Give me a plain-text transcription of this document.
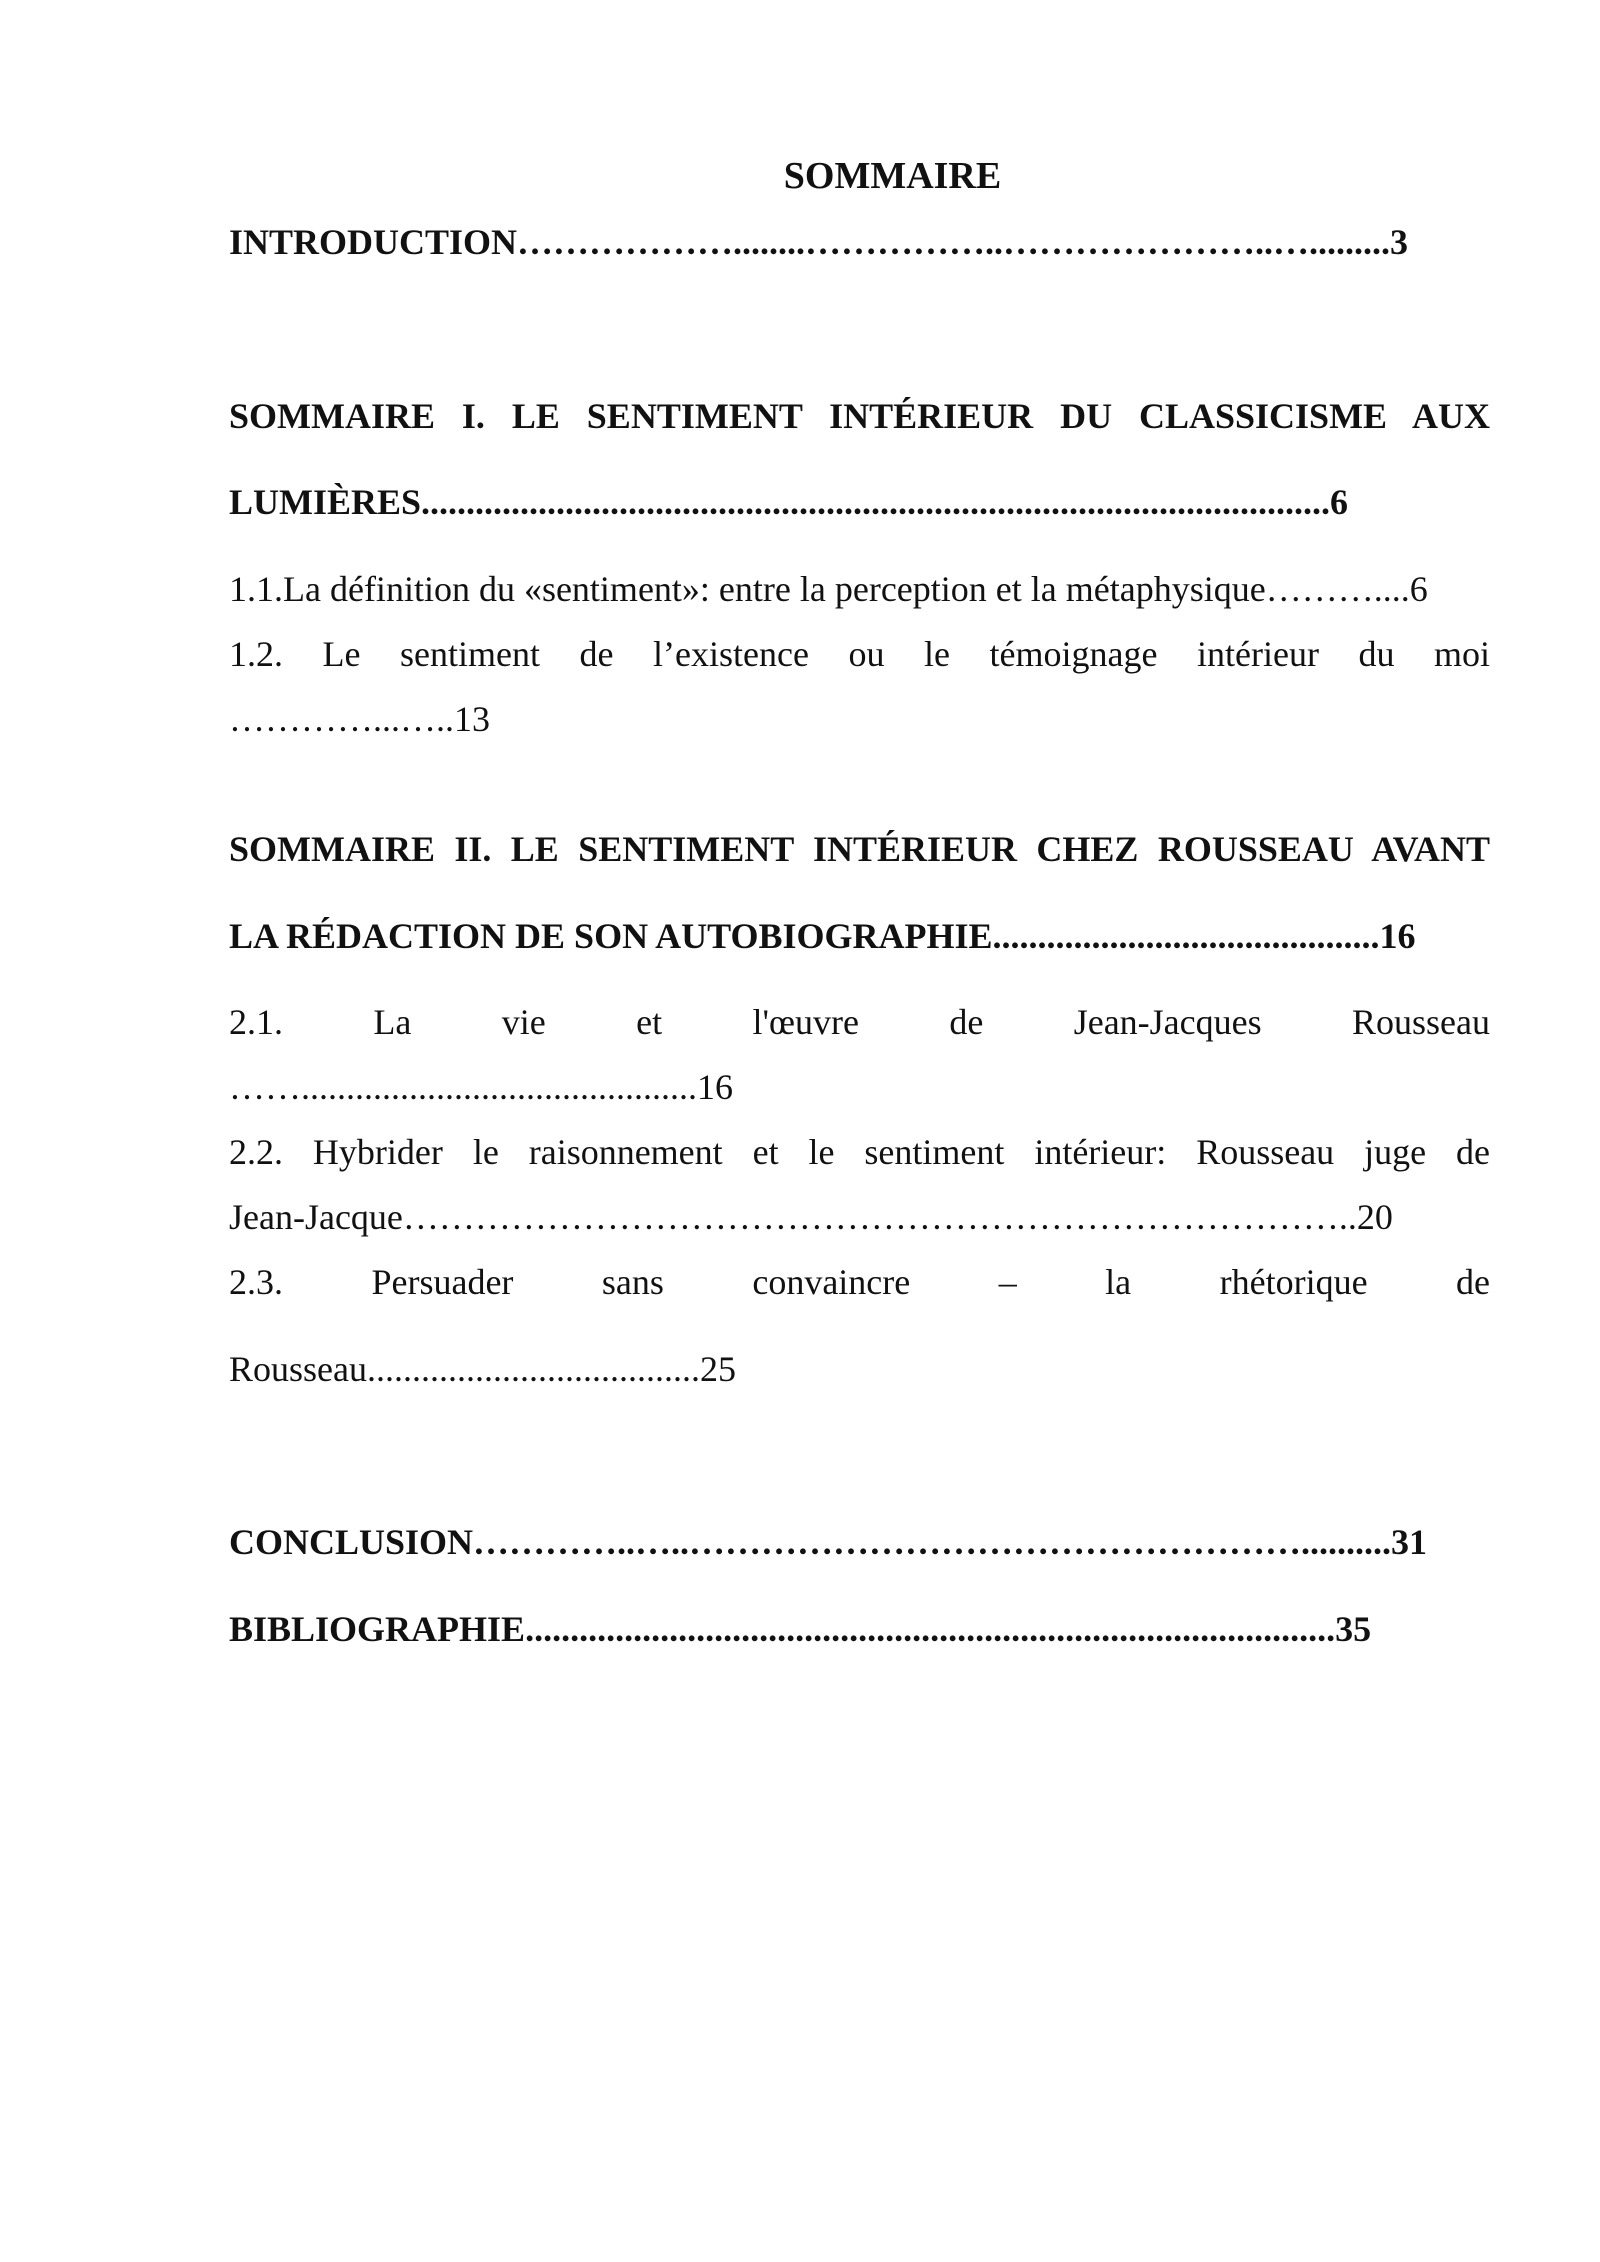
SOMMAIRE
INTRODUCTION………………........……………..…………………..….........3
SOMMAIRE I. LE SENTIMENT INTÉRIEUR DU CLASSICISME AUX
LUMIÈRES.....................................................................................................6
1.1.La définition du «sentiment»: entre la perception et la métaphysique………....6
1.2. Le sentiment de l’existence ou le témoignage intérieur du moi
…………...…..13
SOMMAIRE II. LE SENTIMENT INTÉRIEUR CHEZ ROUSSEAU AVANT
LA RÉDACTION DE SON AUTOBIOGRAPHIE...........................................16
2.1. La vie et l'œuvre de Jean-Jacques Rousseau
……............................................16
2.2. Hybrider le raisonnement et le sentiment intérieur: Rousseau juge de
Jean-Jacque……………………………………………………………………..20
2.3. Persuader sans convaincre – la rhétorique de
Rousseau.....................................25
CONCLUSION…………..…..……………………………………………..........31
BIBLIOGRAPHIE..........................................................................................35
